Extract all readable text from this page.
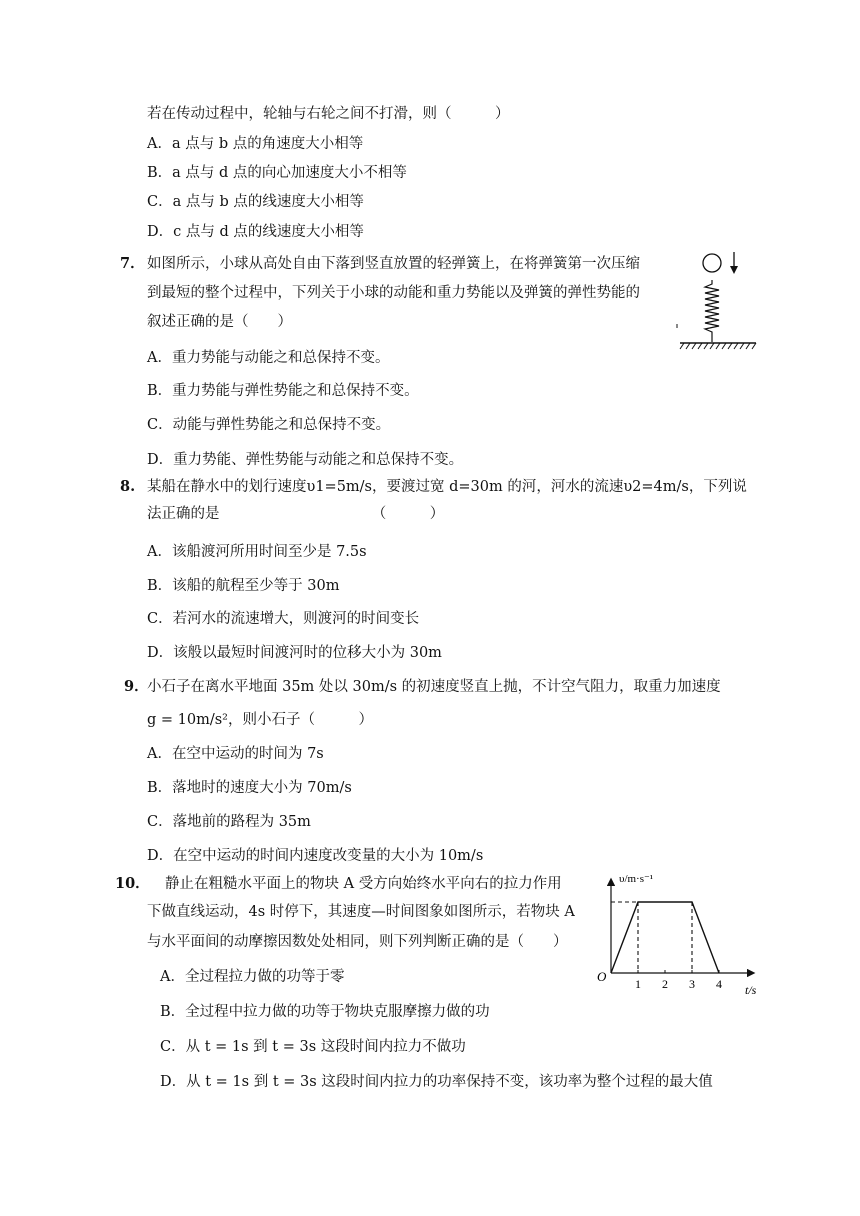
若在传动过程中，轮轴与右轮之间不打滑，则（　　　）
A．a 点与 b 点的角速度大小相等
B．a 点与 d 点的向心加速度大小不相等
C．a 点与 b 点的线速度大小相等
D．c 点与 d 点的线速度大小相等
7． 如图所示，小球从高处自由下落到竖直放置的轻弹簧上，在将弹簧第一次压缩
到最短的整个过程中，下列关于小球的动能和重力势能以及弹簧的弹性势能的
叙述正确的是（　　）
A．重力势能与动能之和总保持不变。
B．重力势能与弹性势能之和总保持不变。
C．动能与弹性势能之和总保持不变。
D．重力势能、弹性势能与动能之和总保持不变。
8. 某船在静水中的划行速度υ1=5m/s，要渡过宽 d=30m 的河，河水的流速υ2=4m/s，下列说
法正确的是　　　　　　　　　　　（　　　）
A．该船渡河所用时间至少是 7.5s
B．该船的航程至少等于 30m
C．若河水的流速增大，则渡河的时间变长
D．该般以最短时间渡河时的位移大小为 30m
9．
小石子在离水平地面 35m 处以 30m/s 的初速度竖直上抛，不计空气阻力，取重力加速度
g = 10m/s²，则小石子（　　　）
A．在空中运动的时间为 7s
B．落地时的速度大小为 70m/s
C．落地前的路程为 35m
D．在空中运动的时间内速度改变量的大小为 10m/s
10． 静止在粗糙水平面上的物块 A 受方向始终水平向右的拉力作用
下做直线运动，4s 时停下，其速度—时间图象如图所示，若物块 A
与水平面间的动摩擦因数处处相同，则下列判断正确的是（　　）
A．全过程拉力做的功等于零
B．全过程中拉力做的功等于物块克服摩擦力做的功
C．从 t = 1s 到 t = 3s 这段时间内拉力不做功
D．从 t = 1s 到 t = 3s 这段时间内拉力的功率保持不变，该功率为整个过程的最大值
υ/m·s⁻¹
t/s
O 1 2 3 4
